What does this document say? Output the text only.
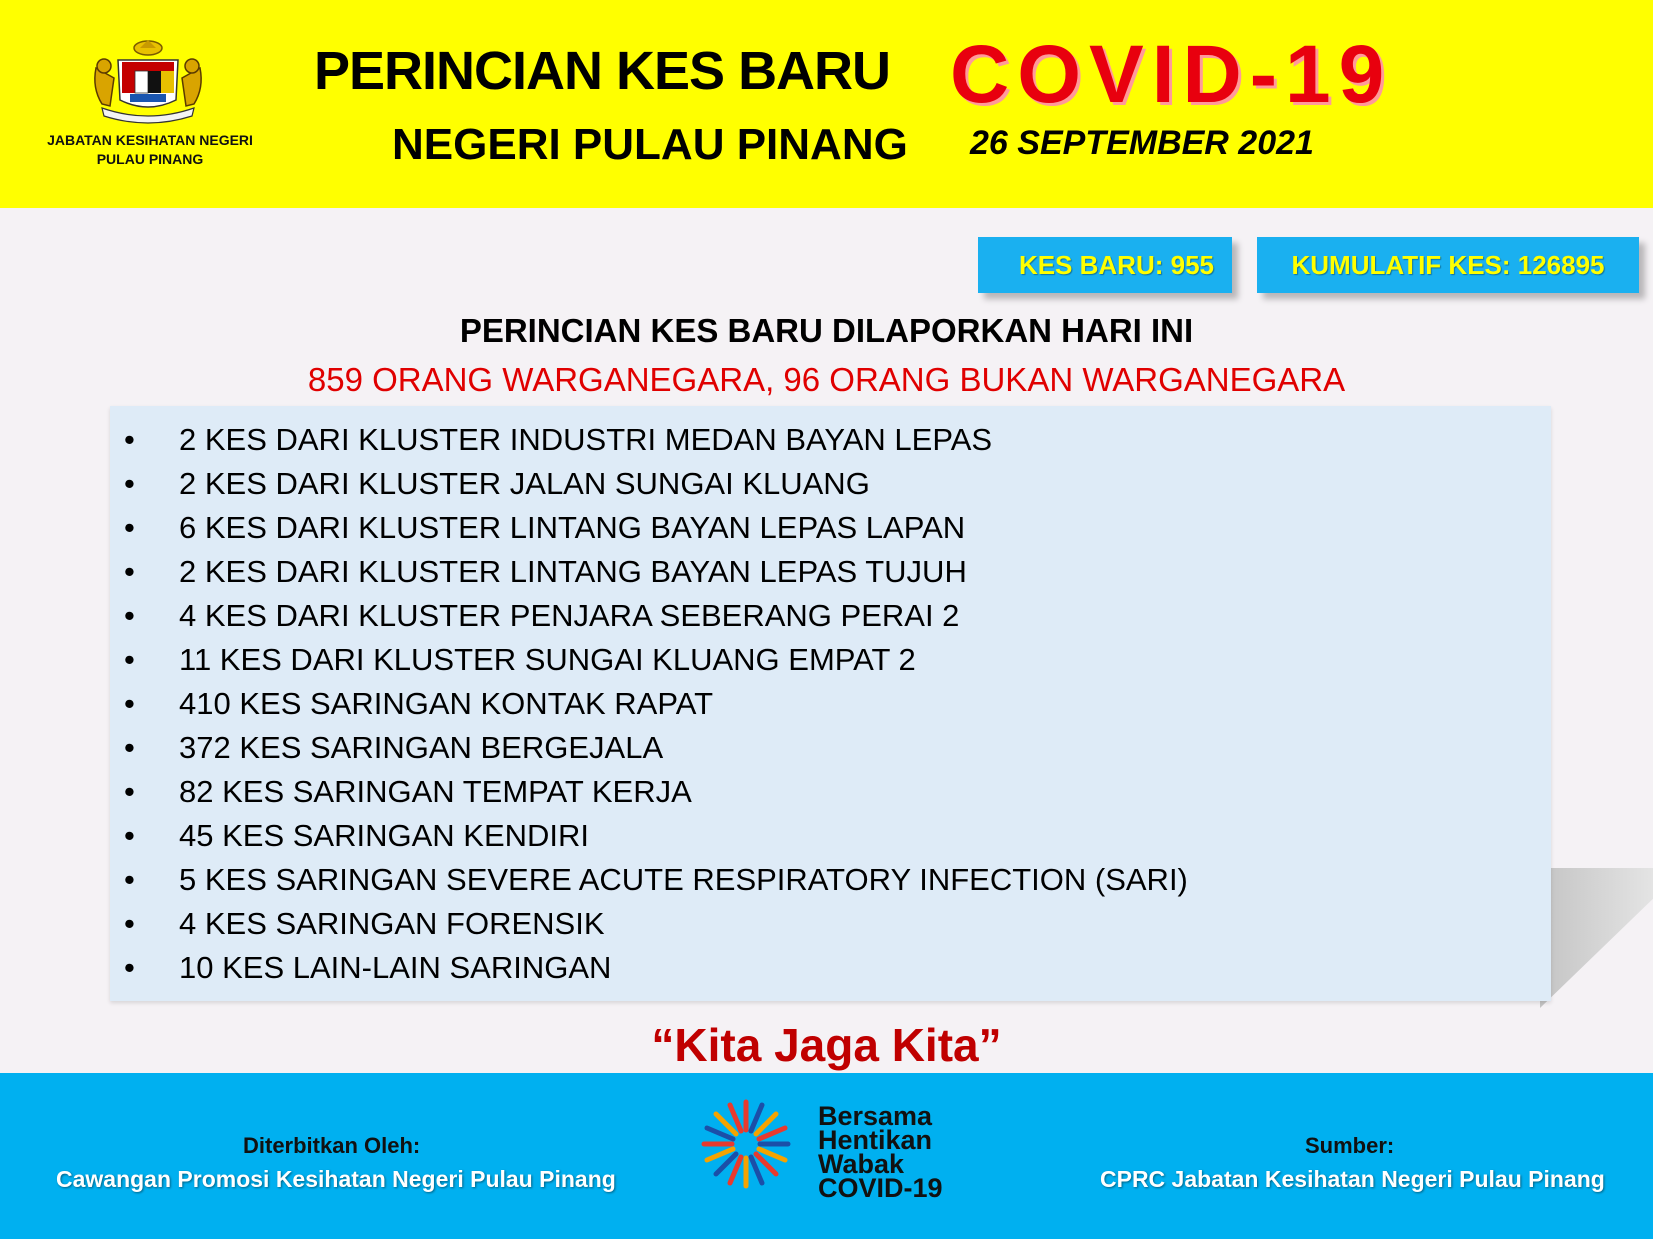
JABATAN KESIHATAN NEGERI
PULAU PINANG
PERINCIAN KES BARU COVID-19
NEGERI PULAU PINANG 26 SEPTEMBER 2021
KES BARU: 955	KUMULATIF KES: 126895
PERINCIAN KES BARU DILAPORKAN HARI INI
859 ORANG WARGANEGARA, 96 ORANG BUKAN WARGANEGARA
• 2 KES DARI KLUSTER INDUSTRI MEDAN BAYAN LEPAS
• 2 KES DARI KLUSTER JALAN SUNGAI KLUANG
• 6 KES DARI KLUSTER LINTANG BAYAN LEPAS LAPAN
• 2 KES DARI KLUSTER LINTANG BAYAN LEPAS TUJUH
• 4 KES DARI KLUSTER PENJARA SEBERANG PERAI 2
• 11 KES DARI KLUSTER SUNGAI KLUANG EMPAT 2
• 410 KES SARINGAN KONTAK RAPAT
• 372 KES SARINGAN BERGEJALA
• 82 KES SARINGAN TEMPAT KERJA
• 45 KES SARINGAN KENDIRI
• 5 KES SARINGAN SEVERE ACUTE RESPIRATORY INFECTION (SARI)
• 4 KES SARINGAN FORENSIK
• 10 KES LAIN-LAIN SARINGAN
“Kita Jaga Kita”
Diterbitkan Oleh:
Cawangan Promosi Kesihatan Negeri Pulau Pinang
Sumber:
CPRC Jabatan Kesihatan Negeri Pulau Pinang
Bersama
Hentikan
Wabak
COVID-19
